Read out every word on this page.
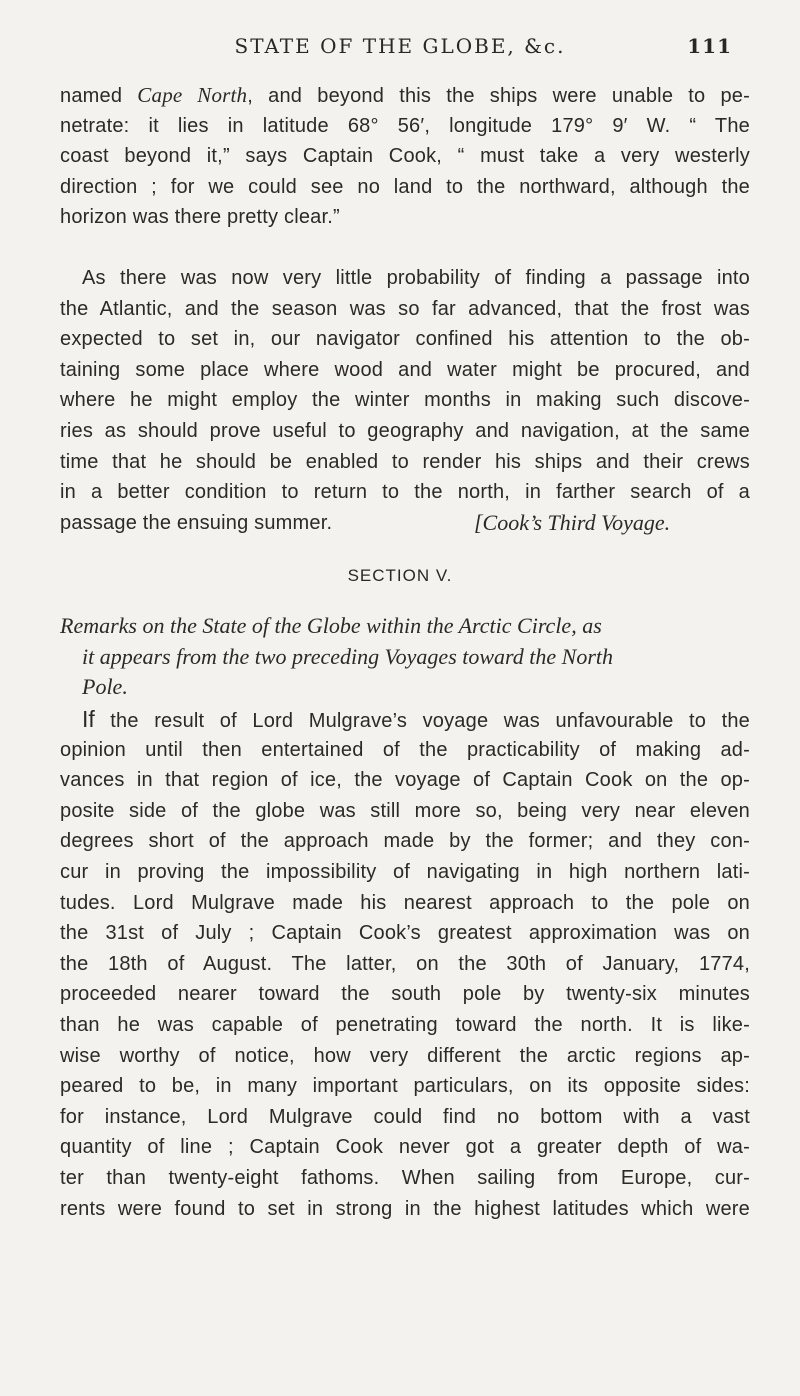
STATE OF THE GLOBE, &c.	111
named Cape North, and beyond this the ships were unable to pe-
netrate: it lies in latitude 68° 56′, longitude 179° 9′ W. “ The
coast beyond it,” says Captain Cook, “ must take a very westerly
direction ; for we could see no land to the northward, although the
horizon was there pretty clear.”
As there was now very little probability of finding a passage into
the Atlantic, and the season was so far advanced, that the frost was
expected to set in, our navigator confined his attention to the ob-
taining some place where wood and water might be procured, and
where he might employ the winter months in making such discove-
ries as should prove useful to geography and navigation, at the same
time that he should be enabled to render his ships and their crews
in a better condition to return to the north, in farther search of a
passage the ensuing summer.	[Cook’s Third Voyage.
SECTION V.
Remarks on the State of the Globe within the Arctic Circle, as
it appears from the two preceding Voyages toward the North
Pole.
If the result of Lord Mulgrave’s voyage was unfavourable to the
opinion until then entertained of the practicability of making ad-
vances in that region of ice, the voyage of Captain Cook on the op-
posite side of the globe was still more so, being very near eleven
degrees short of the approach made by the former; and they con-
cur in proving the impossibility of navigating in high northern lati-
tudes. Lord Mulgrave made his nearest approach to the pole on
the 31st of July ; Captain Cook’s greatest approximation was on
the 18th of August. The latter, on the 30th of January, 1774,
proceeded nearer toward the south pole by twenty-six minutes
than he was capable of penetrating toward the north. It is like-
wise worthy of notice, how very different the arctic regions ap-
peared to be, in many important particulars, on its opposite sides:
for instance, Lord Mulgrave could find no bottom with a vast
quantity of line ; Captain Cook never got a greater depth of wa-
ter than twenty-eight fathoms. When sailing from Europe, cur-
rents were found to set in strong in the highest latitudes which were
